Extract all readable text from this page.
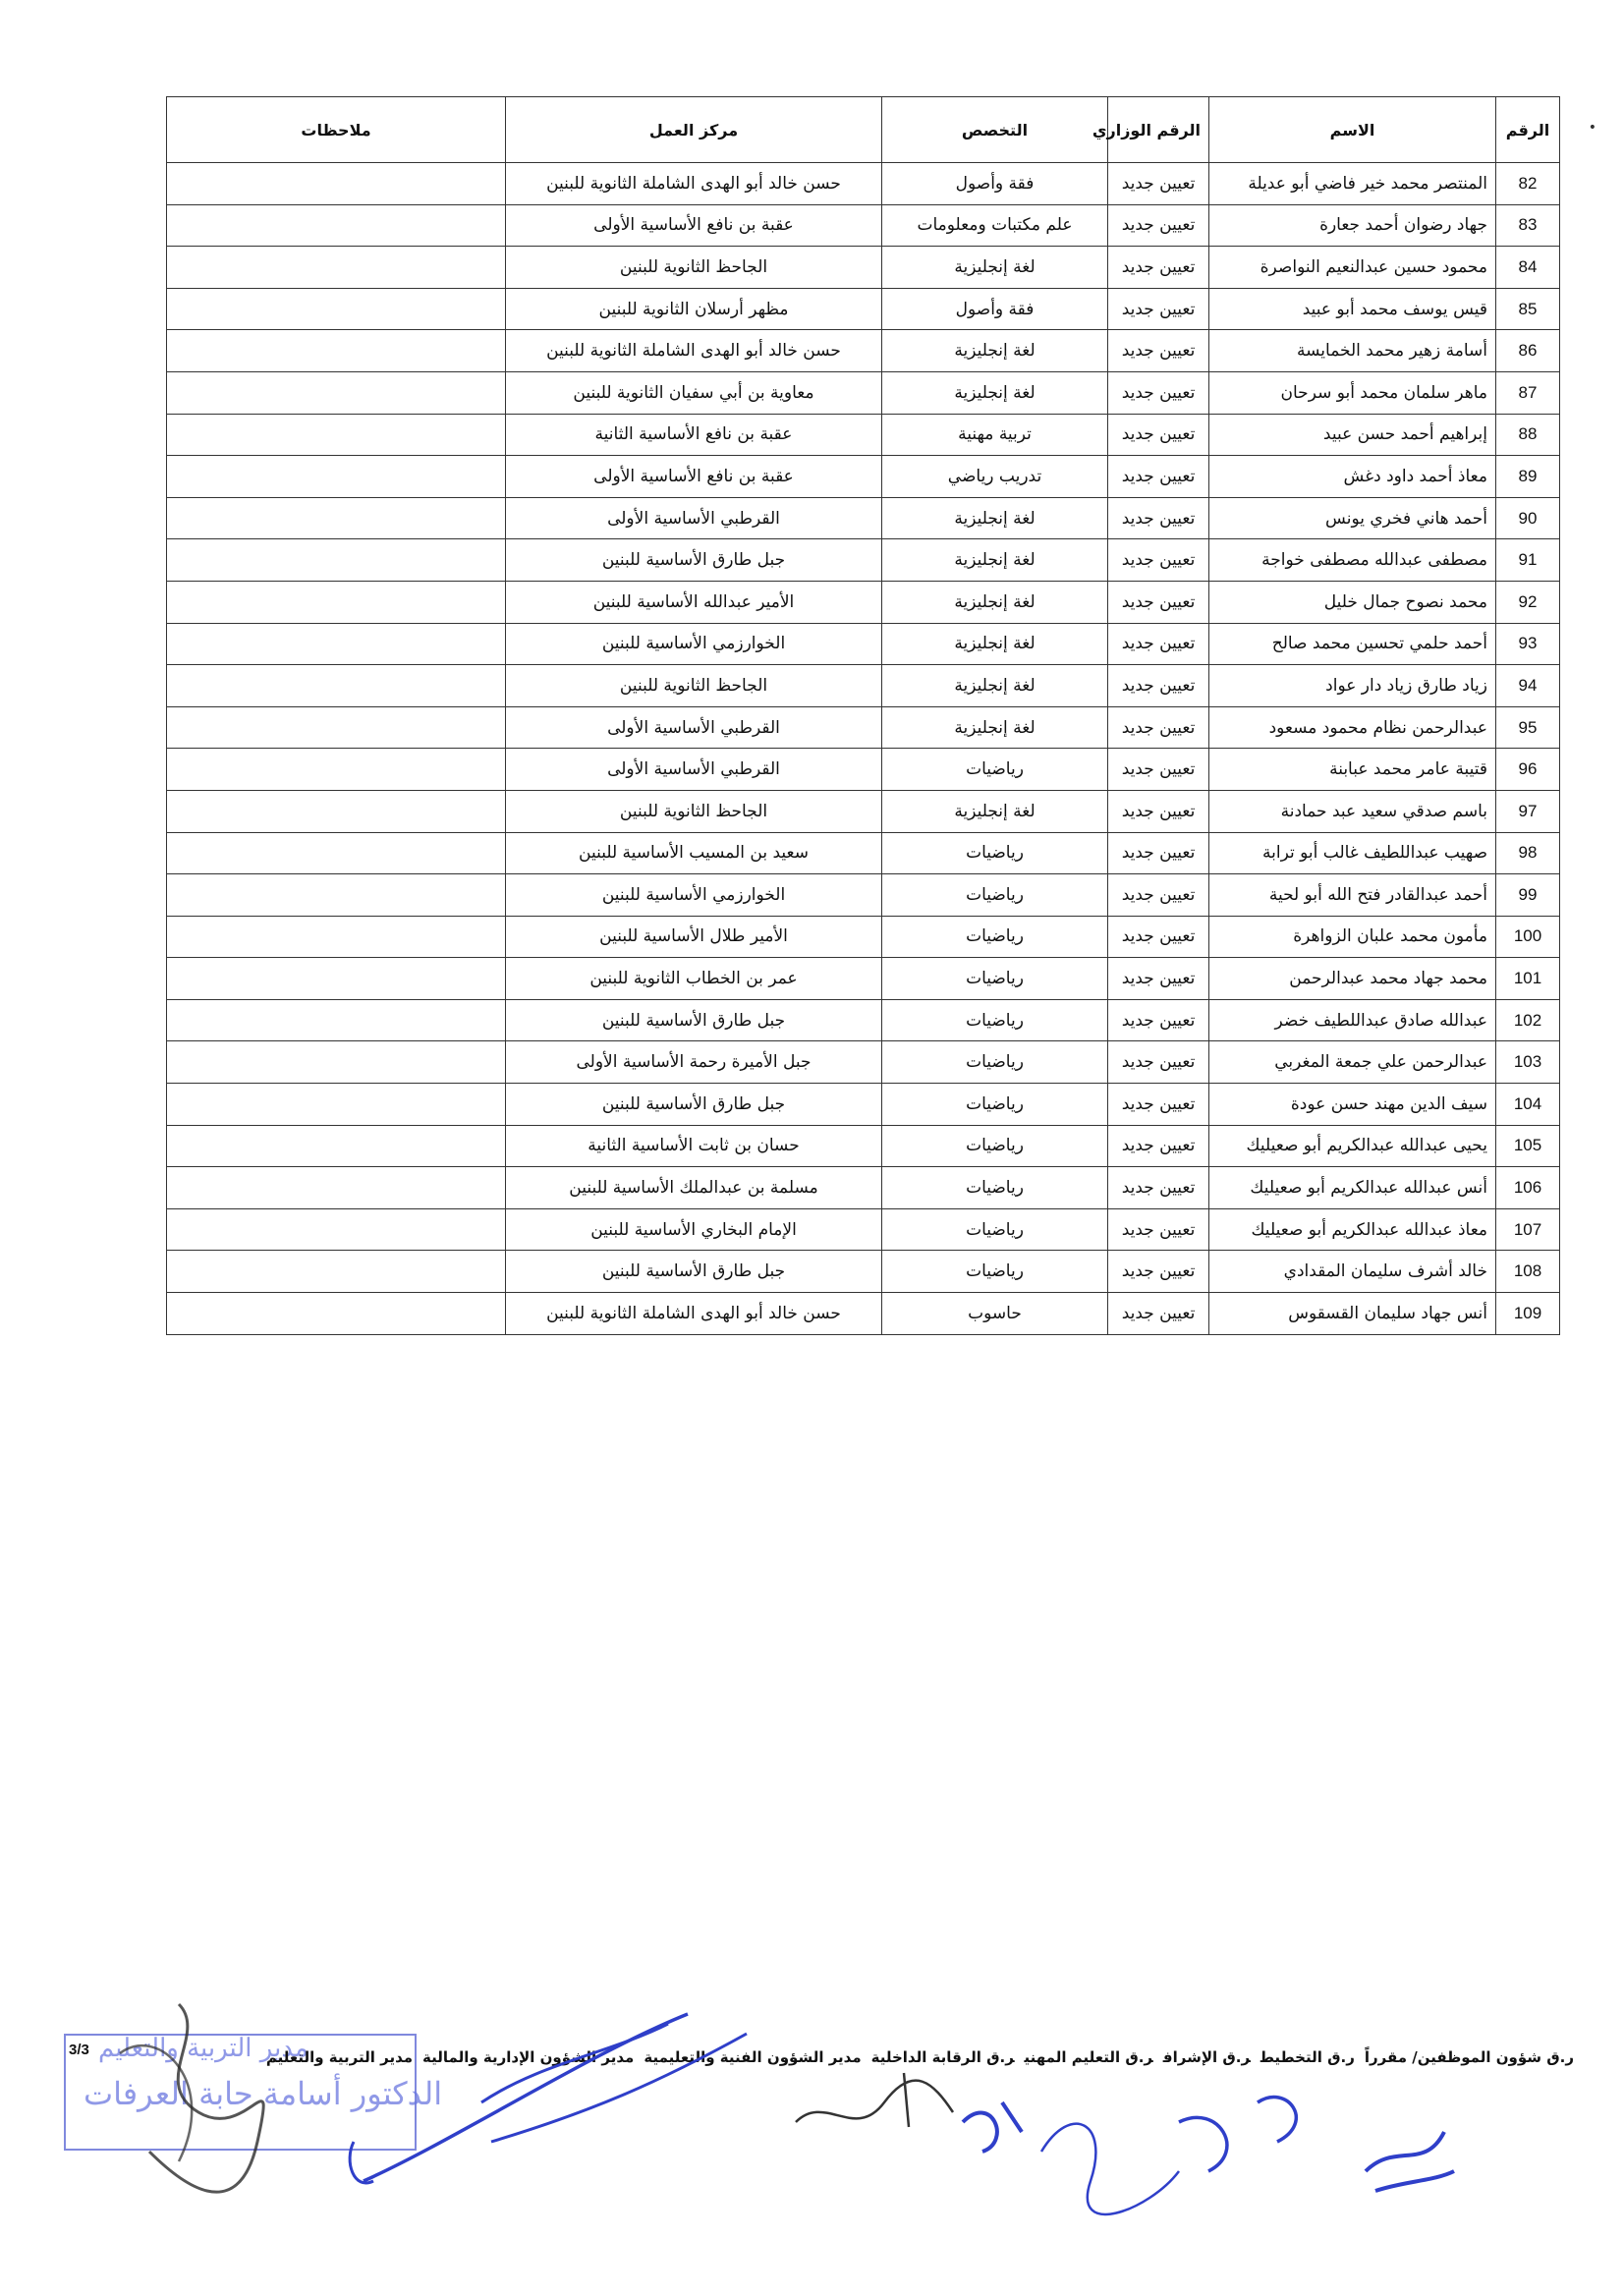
•
الرقم	الاسم	الرقم الوزاري	التخصص	مركز العمل	ملاحظات
82	المنتصر محمد خير فاضي أبو عديلة	تعيين جديد	فقة وأصول	حسن خالد أبو الهدى الشاملة الثانوية للبنين	
83	جهاد رضوان أحمد جعارة	تعيين جديد	علم مكتبات ومعلومات	عقبة بن نافع الأساسية الأولى	
84	محمود حسين عبدالنعيم النواصرة	تعيين جديد	لغة إنجليزية	الجاحظ الثانوية للبنين	
85	قيس يوسف محمد أبو عبيد	تعيين جديد	فقة وأصول	مظهر أرسلان الثانوية للبنين	
86	أسامة زهير محمد الخمايسة	تعيين جديد	لغة إنجليزية	حسن خالد أبو الهدى الشاملة الثانوية للبنين	
87	ماهر سلمان محمد أبو سرحان	تعيين جديد	لغة إنجليزية	معاوية بن أبي سفيان الثانوية للبنين	
88	إبراهيم أحمد حسن عبيد	تعيين جديد	تربية مهنية	عقبة بن نافع الأساسية الثانية	
89	معاذ أحمد داود دغش	تعيين جديد	تدريب رياضي	عقبة بن نافع الأساسية الأولى	
90	أحمد هاني فخري يونس	تعيين جديد	لغة إنجليزية	القرطبي الأساسية الأولى	
91	مصطفى عبدالله مصطفى خواجة	تعيين جديد	لغة إنجليزية	جبل طارق الأساسية للبنين	
92	محمد نصوح جمال خليل	تعيين جديد	لغة إنجليزية	الأمير عبدالله الأساسية للبنين	
93	أحمد حلمي تحسين محمد صالح	تعيين جديد	لغة إنجليزية	الخوارزمي الأساسية للبنين	
94	زياد طارق زياد دار عواد	تعيين جديد	لغة إنجليزية	الجاحظ الثانوية للبنين	
95	عبدالرحمن نظام محمود مسعود	تعيين جديد	لغة إنجليزية	القرطبي الأساسية الأولى	
96	قتيبة عامر محمد عبابنة	تعيين جديد	رياضيات	القرطبي الأساسية الأولى	
97	باسم صدقي سعيد عبد حمادنة	تعيين جديد	لغة إنجليزية	الجاحظ الثانوية للبنين	
98	صهيب عبداللطيف غالب أبو ترابة	تعيين جديد	رياضيات	سعيد بن المسيب الأساسية للبنين	
99	أحمد عبدالقادر فتح الله أبو لحية	تعيين جديد	رياضيات	الخوارزمي الأساسية للبنين	
100	مأمون محمد علبان الزواهرة	تعيين جديد	رياضيات	الأمير طلال الأساسية للبنين	
101	محمد جهاد محمد عبدالرحمن	تعيين جديد	رياضيات	عمر بن الخطاب الثانوية للبنين	
102	عبدالله صادق عبداللطيف خضر	تعيين جديد	رياضيات	جبل طارق الأساسية للبنين	
103	عبدالرحمن علي جمعة المغربي	تعيين جديد	رياضيات	جبل الأميرة رحمة الأساسية الأولى	
104	سيف الدين مهند حسن عودة	تعيين جديد	رياضيات	جبل طارق الأساسية للبنين	
105	يحيى عبدالله عبدالكريم أبو صعيليك	تعيين جديد	رياضيات	حسان بن ثابت الأساسية الثانية	
106	أنس عبدالله عبدالكريم أبو صعيليك	تعيين جديد	رياضيات	مسلمة بن عبدالملك الأساسية للبنين	
107	معاذ عبدالله عبدالكريم أبو صعيليك	تعيين جديد	رياضيات	الإمام البخاري الأساسية للبنين	
108	خالد أشرف سليمان المقدادي	تعيين جديد	رياضيات	جبل طارق الأساسية للبنين	
109	أنس جهاد سليمان القسقوس	تعيين جديد	حاسوب	حسن خالد أبو الهدى الشاملة الثانوية للبنين	
مدير التربية والتعليم
الدكتور أسامة حابة العرفات
3/3	ر.ق شؤون الموظفين/ مقرراًر.ق التخطيطر.ق الإشرافر.ق التعليم المهنير.ق الرقابة الداخليةمدير الشؤون الفنية والتعليميةمدير الشؤون الإدارية والماليةمدير التربية والتعليم
